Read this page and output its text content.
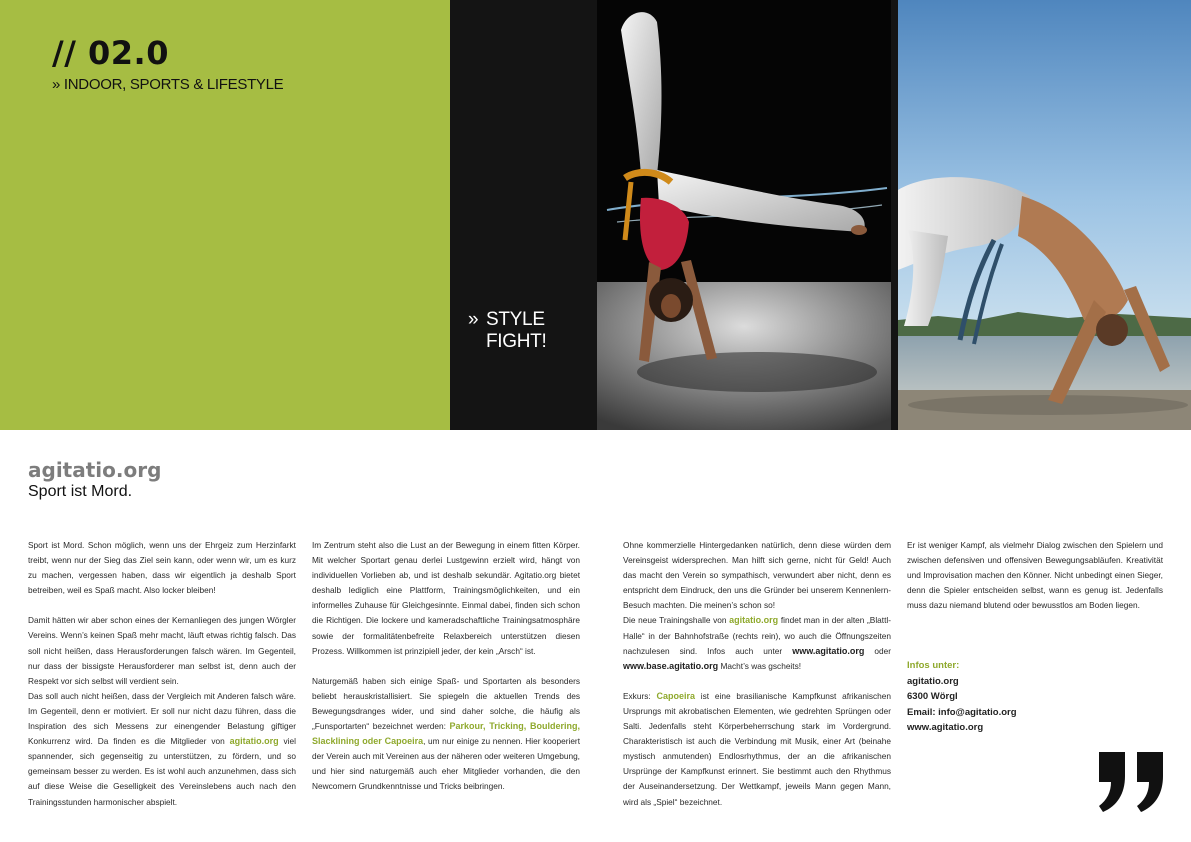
// 02.0
» INDOOR, SPORTS & LIFESTYLE
» STYLE
FIGHT!
agitatio.org
Sport ist Mord.

Sport ist Mord. Schon möglich, wenn uns der Ehrgeiz zum Herzinfarkt treibt, wenn nur der Sieg das Ziel sein kann, oder wenn wir, um es kurz zu machen, vergessen haben, dass wir eigentlich ja deshalb Sport betreiben, weil es Spaß macht. Also locker bleiben!

Damit hätten wir aber schon eines der Kernanliegen des jungen Wörgler Vereins. Wenn’s keinen Spaß mehr macht, läuft etwas richtig falsch. Das soll nicht heißen, dass Herausforderungen falsch wären. Im Gegenteil, nur dass der bissigste Herausforderer man selbst ist, denn auch der Respekt vor sich selbst will verdient sein.

Das soll auch nicht heißen, dass der Vergleich mit Anderen falsch wäre. Im Gegenteil, denn er motiviert. Er soll nur nicht dazu führen, dass die Inspiration des sich Messens zur einengender Belastung giftiger Konkurrenz wird. Da finden es die Mitglieder von agitatio.org viel spannender, sich gegenseitig zu unterstützen, zu fördern, und so gemeinsam besser zu werden. Es ist wohl auch anzunehmen, dass sich auf diese Weise die Geselligkeit des Vereinslebens auch nach den Trainingsstunden harmonischer abspielt.

Im Zentrum steht also die Lust an der Bewegung in einem fitten Körper. Mit welcher Sportart genau derlei Lustgewinn erzielt wird, hängt von individuellen Vorlieben ab, und ist deshalb sekundär. Agitatio.org bietet deshalb lediglich eine Plattform, Trainingsmöglichkeiten, und ein informelles Zuhause für Gleichgesinnte. Einmal dabei, finden sich schon die Richtigen. Die lockere und kameradschaftliche Trainingsatmosphäre sowie der formalitätenbefreite Relaxbereich unterstützen diesen Prozess. Willkommen ist prinzipiell jeder, der kein „Arsch“ ist.

Naturgemäß haben sich einige Spaß- und Sportarten als besonders beliebt herauskristallisiert. Sie spiegeln die aktuellen Trends des Bewegungsdranges wider, und sind daher solche, die häufig als „Funsportarten“ bezeichnet werden: Parkour, Tricking, Bouldering, Slacklining oder Capoeira, um nur einige zu nennen. Hier kooperiert der Verein auch mit Vereinen aus der näheren oder weiteren Umgebung, und hier sind naturgemäß auch eher Mitglieder vorhanden, die den Newcomern Grundkenntnisse und Tricks beibringen.

Ohne kommerzielle Hintergedanken natürlich, denn diese würden dem Vereinsgeist widersprechen. Man hilft sich gerne, nicht für Geld! Auch das macht den Verein so sympathisch, verwundert aber nicht, denn es entspricht dem Eindruck, den uns die Gründer bei unserem Kennenlern-Besuch machten. Die meinen’s schon so!

Die neue Trainingshalle von agitatio.org findet man in der alten „Blattl-Halle“ in der Bahnhofstraße (rechts rein), wo auch die Öffnungszeiten nachzulesen sind. Infos auch unter www.agitatio.org oder www.base.agitatio.org Macht’s was gscheits!

Exkurs: Capoeira ist eine brasilianische Kampfkunst afrikanischen Ursprungs mit akrobatischen Elementen, wie gedrehten Sprüngen oder Salti. Jedenfalls steht Körperbeherrschung stark im Vordergrund. Charakteristisch ist auch die Verbindung mit Musik, einer Art (beinahe mystisch anmutenden) Endlosrhythmus, der an die afrikanischen Ursprünge der Kampfkunst erinnert. Sie bestimmt auch den Rhythmus der Auseinandersetzung. Der Wettkampf, jeweils Mann gegen Mann, wird als „Spiel“ bezeichnet.

Er ist weniger Kampf, als vielmehr Dialog zwischen den Spielern und zwischen defensiven und offensiven Bewegungsabläufen. Kreativität und Improvisation machen den Könner. Nicht unbedingt einen Sieger, denn die Spieler entscheiden selbst, wann es genug ist. Jedenfalls muss dazu niemand blutend oder bewusstlos am Boden liegen.

Infos unter:
agitatio.org
6300 Wörgl
Email: info@agitatio.org
www.agitatio.org
